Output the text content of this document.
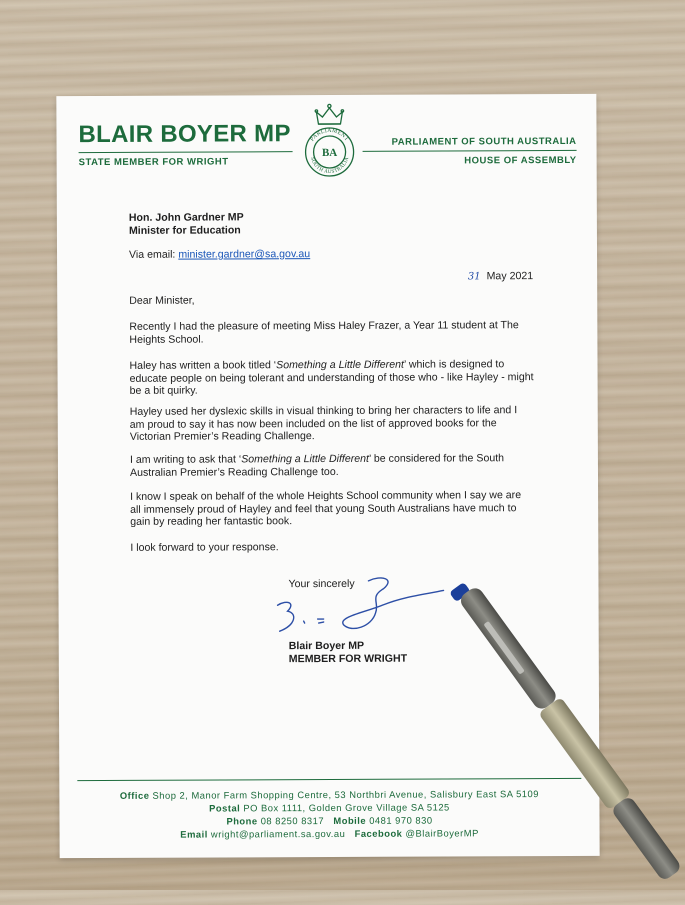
BLAIR BOYER MP
STATE MEMBER FOR WRIGHT
PARLIAMENT OF SOUTH AUSTRALIA
HOUSE OF ASSEMBLY
PARLIAMENT
SOUTH AUSTRALIA
BA
Hon. John Gardner MP
Minister for Education
Via email: minister.gardner@sa.gov.au
31 May 2021
Dear Minister,
Recently I had the pleasure of meeting Miss Haley Frazer, a Year 11 student at The Heights School.
Haley has written a book titled ‘Something a Little Different’ which is designed to educate people on being tolerant and understanding of those who - like Hayley - might be a bit quirky.
Hayley used her dyslexic skills in visual thinking to bring her characters to life and I am proud to say it has now been included on the list of approved books for the Victorian Premier’s Reading Challenge.
I am writing to ask that ‘Something a Little Different’ be considered for the South Australian Premier’s Reading Challenge too.
I know I speak on behalf of the whole Heights School community when I say we are all immensely proud of Hayley and feel that young South Australians have much to gain by reading her fantastic book.
I look forward to your response.
Your sincerely
Blair Boyer MP
MEMBER FOR WRIGHT
Office Shop 2, Manor Farm Shopping Centre, 53 Northbri Avenue, Salisbury East SA 5109
Postal PO Box 1111, Golden Grove Village SA 5125
Phone 08 8250 8317 Mobile 0481 970 830
Email wright@parliament.sa.gov.au Facebook @BlairBoyerMP
